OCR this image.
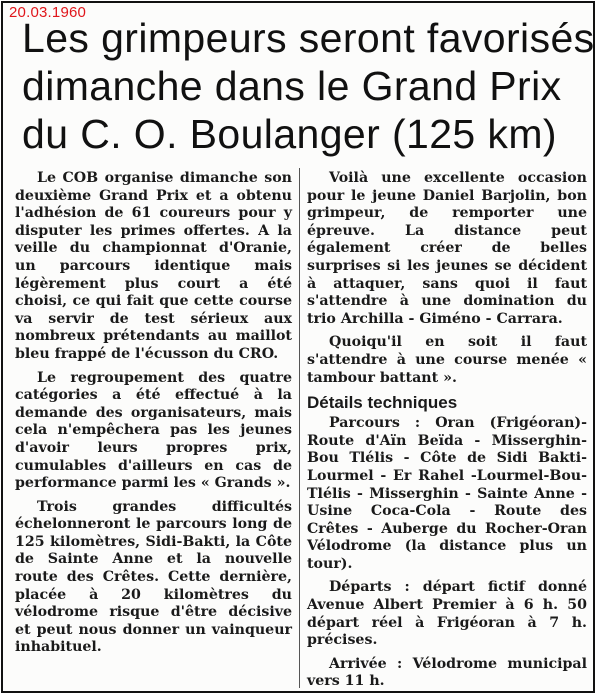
20.03.1960
Les grimpeurs seront favorisés
dimanche dans le Grand Prix
du C. O. Boulanger (125 km)

Le COB organise dimanche son deuxième Grand Prix et a obtenu l'adhésion de 61 coureurs pour y disputer les primes offertes. A la veille du championnat d'Oranie, un parcours identique mais légèrement plus court a été choisi, ce qui fait que cette course va servir de test sérieux aux nombreux prétendants au maillot bleu frappé de l'écusson du CRO.

Le regroupement des quatre catégories a été effectué à la demande des organisateurs, mais cela n'empêchera pas les jeunes d'avoir leurs propres prix, cumulables d'ailleurs en cas de performance parmi les « Grands ».

Trois grandes difficultés échelonneront le parcours long de 125 kilomètres, Sidi-Bakti, la Côte de Sainte Anne et la nouvelle route des Crêtes. Cette dernière, placée à 20 kilomètres du vélodrome risque d'être décisive et peut nous donner un vainqueur inhabituel.

Voilà une excellente occasion pour le jeune Daniel Barjolin, bon grimpeur, de remporter une épreuve. La distance peut également créer de belles surprises si les jeunes se décident à attaquer, sans quoi il faut s'attendre à une domination du trio Archilla - Giméno - Carrara.

Quoiqu'il en soit il faut s'attendre à une course menée « tambour battant ».

Détails techniques

Parcours : Oran (Frigéoran)-Route d'Aïn Beïda - Misserghin-Bou Tlélis - Côte de Sidi Bakti-Lourmel - Er Rahel -Lourmel-Bou-Tlélis - Misserghin - Sainte Anne - Usine Coca-Cola - Route des Crêtes - Auberge du Rocher-Oran Vélodrome (la distance plus un tour).

Départs : départ fictif donné Avenue Albert Premier à 6 h. 50 départ réel à Frigéoran à 7 h. précises.

Arrivée : Vélodrome municipal vers 11 h.
